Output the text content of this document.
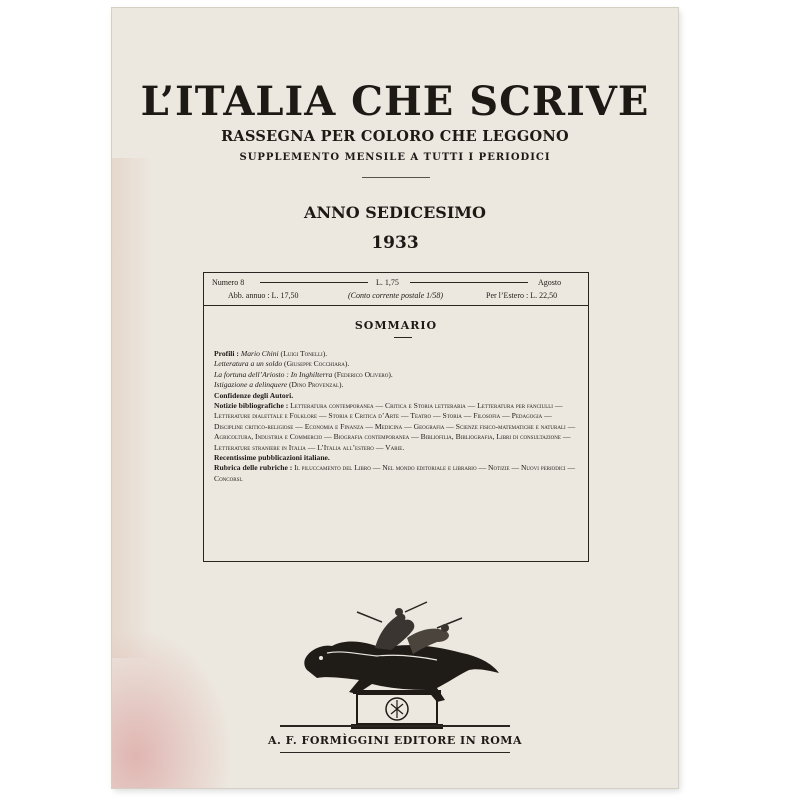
L’ITALIA CHE SCRIVE
RASSEGNA PER COLORO CHE LEGGONO
SUPPLEMENTO MENSILE A TUTTI I PERIODICI
ANNO SEDICESIMO
1933
Numero 8	L. 1,75	Agosto
Abb. annuo : L. 17,50	(Conto corrente postale 1/58)	Per l’Estero : L. 22,50
SOMMARIO

Profili : Mario Chini (Luigi Tonelli).

Letteratura a un soldo (Giuseppe Cocchiara).

La fortuna dell’Ariosto : In Inghilterra (Federico Olivero).

Istigazione a delinquere (Dino Provenzal).

Confidenze degli Autori.

Notizie bibliografiche : Letteratura contemporanea — Critica e Storia letteraria — Letteratura per fanciulli — Letterature dialettale e Folklore — Storia e Critica d’Arte — Teatro — Storia — Filosofia — Pedagogia — Discipline critico-religiose — Economia e Finanza — Medicina — Geografia — Scienze fisico-matematiche e naturali — Agricoltura, Industria e Commercio — Biografia contemporanea — Bibliofilia, Bibliografia, Libri di consultazione — Letterature straniere in Italia — L’Italia all’estero — Varie.

Recentissime pubblicazioni italiane.

Rubrica delle rubriche : Il piluccamento del Libro — Nel mondo editoriale e librario — Notizie — Nuovi periodici — Concorsi.

A. F. FORMÌGGINI EDITORE IN ROMA
